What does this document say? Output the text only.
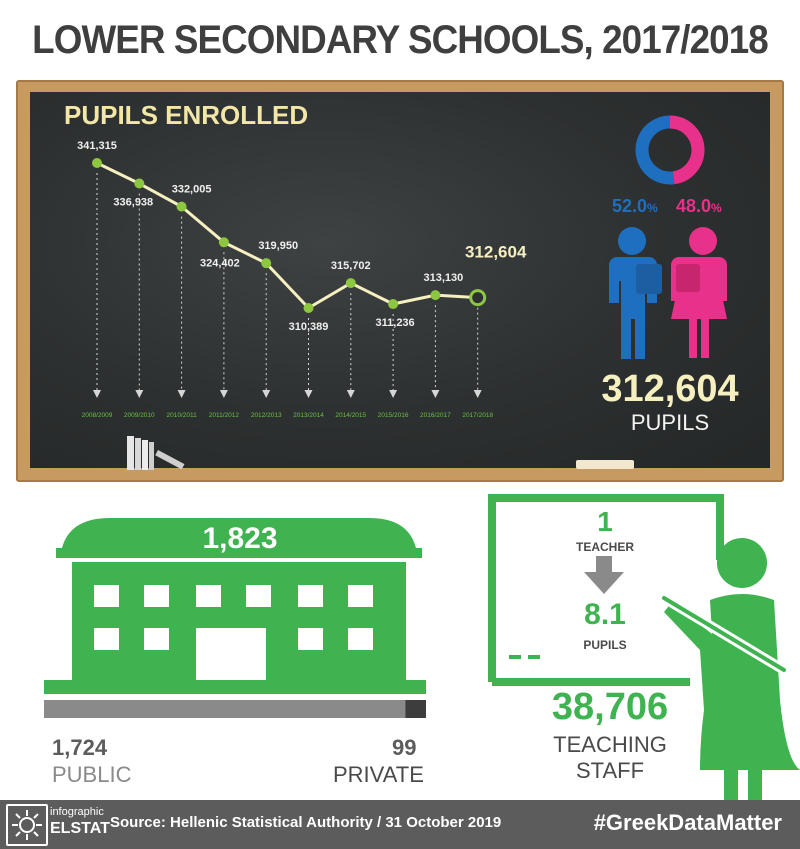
LOWER SECONDARY SCHOOLS, 2017/2018
PUPILS ENROLLED
2008/2009 2009/2010 2010/2011 2011/2012 2012/2013 2013/2014 2014/2015 2015/2016 2016/2017 2017/2018
341,315
336,938
332,005
324,402
319,950
310,389
315,702
311,236
313,130
312,604
52.0% 48.0%
312,604
PUPILS
1,823
1,724
PUBLIC
99
PRIVATE
1
TEACHER
8.1
PUPILS
38,706
TEACHING
STAFF
infographic
ELSTAT Source: Hellenic Statistical Authority / 31 October 2019	#GreekDataMatter
